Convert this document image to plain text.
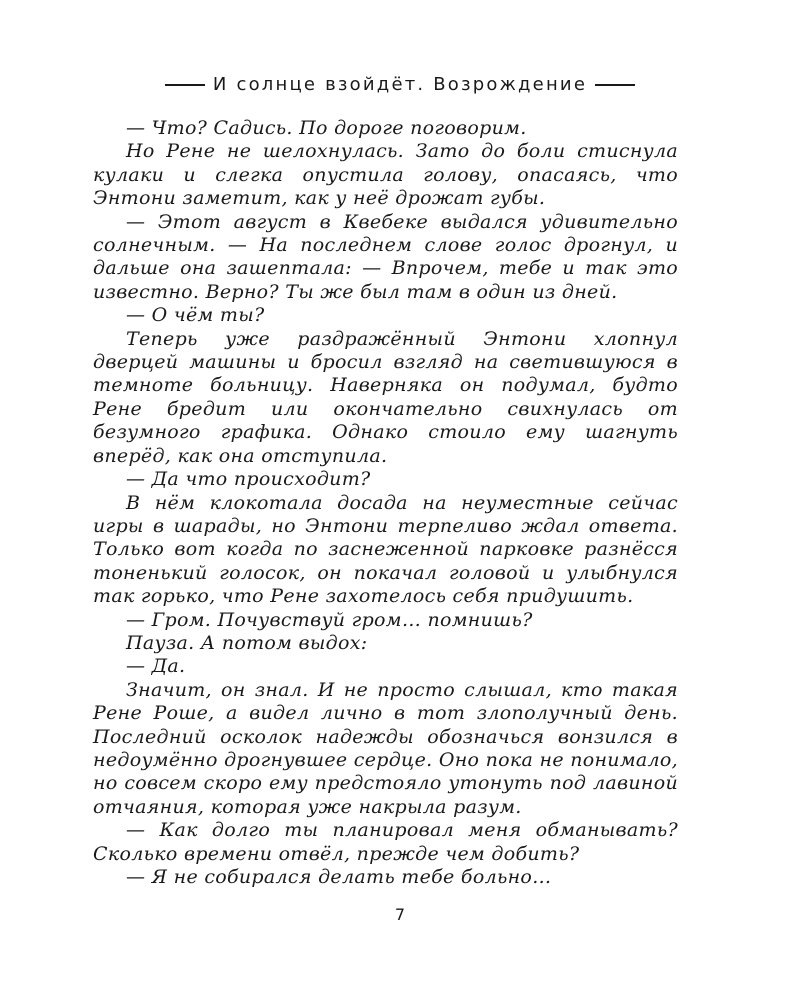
И солнце взойдёт. Возрождение

— Что? Садись. По дороге поговорим.

Но Рене не шелохнулась. Зато до боли стиснула кулаки и слегка опустила голову, опасаясь, что Энтони заметит, как у неё дрожат губы.

— Этот август в Квебеке выдался удивительно солнечным. — На последнем слове голос дрогнул, и дальше она зашептала: — Впрочем, тебе и так это известно. Верно? Ты же был там в один из дней.

— О чём ты?

Теперь уже раздражённый Энтони хлопнул дверцей машины и бросил взгляд на светившуюся в темноте больницу. Наверняка он подумал, будто Рене бредит или окончательно свихнулась от безумного графика. Однако стоило ему шагнуть вперёд, как она отступила.

— Да что происходит?

В нём клокотала досада на неуместные сейчас игры в шарады, но Энтони терпеливо ждал ответа. Только вот когда по заснеженной парковке разнёсся тоненький голосок, он покачал головой и улыбнулся так горько, что Рене захотелось себя придушить.

— Гром. Почувствуй гром… помнишь?

Пауза. А потом выдох:

— Да.

Значит, он знал. И не просто слышал, кто такая Рене Роше, а видел лично в тот злополучный день. Последний осколок надежды обозначься вонзился в недоумённо дрогнувшее сердце. Оно пока не понимало, но совсем скоро ему предстояло утонуть под лавиной отчаяния, которая уже накрыла разум.

— Как долго ты планировал меня обманывать? Сколько времени отвёл, прежде чем добить?

— Я не собирался делать тебе больно…

7
